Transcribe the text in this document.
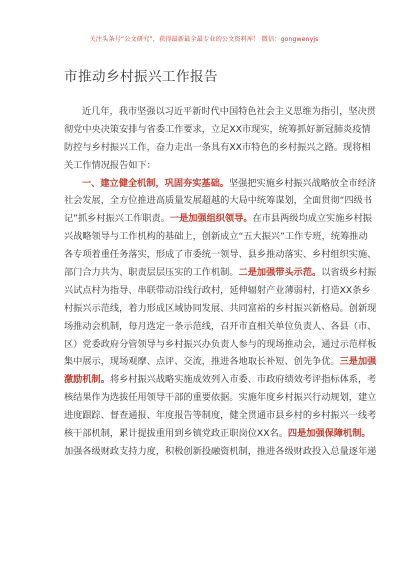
关注头条号“公文研究”，获得最新最全最专业的公文资料库！ 微信：gongwenyjs
市推动乡村振兴工作报告
近几年，我市坚强以习近平新时代中国特色社会主义思维为指引，坚决贯
彻党中央决策安排与省委工作要求，立足XX市现实，统筹抓好新冠肺炎疫情
防控与乡村振兴工作，奋力走出一条具有XX市特色的乡村振兴之路。现将相
关工作情况报告如下：
一、建立健全机制，巩固夯实基础。坚强把实施乡村振兴战略放全市经济
社会发展，全方位推进高质量发展超越的大局中统筹谋划，全面贯彻“四级书
记”抓乡村振兴工作职责。一是加强组织领导。在市县两级均成立实施乡村振
兴战略领导与工作机构的基础上，创新成立“五大振兴”工作专班，统筹推动
各专项着重任务落实，形成了市委统一领导、县乡推动落实、乡村组织实施、
部门合力共为、职责层层压实的工作机制。二是加强带头示范。以省级乡村振
兴试点村为指导、串联带动沿线行政村，延伸辐射产业薄弱村，打造XX条乡
村振兴示范线，着力形成区域协同发展、共同富裕的乡村振兴新格局。创新现
场推动会机制，每月选定一条示范线，召开市直相关单位负责人、各县（市、
区）党委政府分管领导与乡村振兴办负责人参与的现场推动会，通过示范样板
集中展示，现场观摩、点评、交流，推进各地取长补短、创先争优。三是加强
激励机制。将乡村振兴战略实施成效列入市委、市政府绩效考评指标体系，考
核结果作为选拔任用领导干部的重要依据。实施年度乡村振兴行动规划，建立
进度跟踪、督查通报、年度报告等制度，健全贯通市县乡村的乡村振兴一线考
核干部机制，累计提拔重用到乡镇党政正职岗位XX名。四是加强保障机制。
加强各级财政支持力度，积极创新投融资机制，推进各级财政投入总量逐年递
